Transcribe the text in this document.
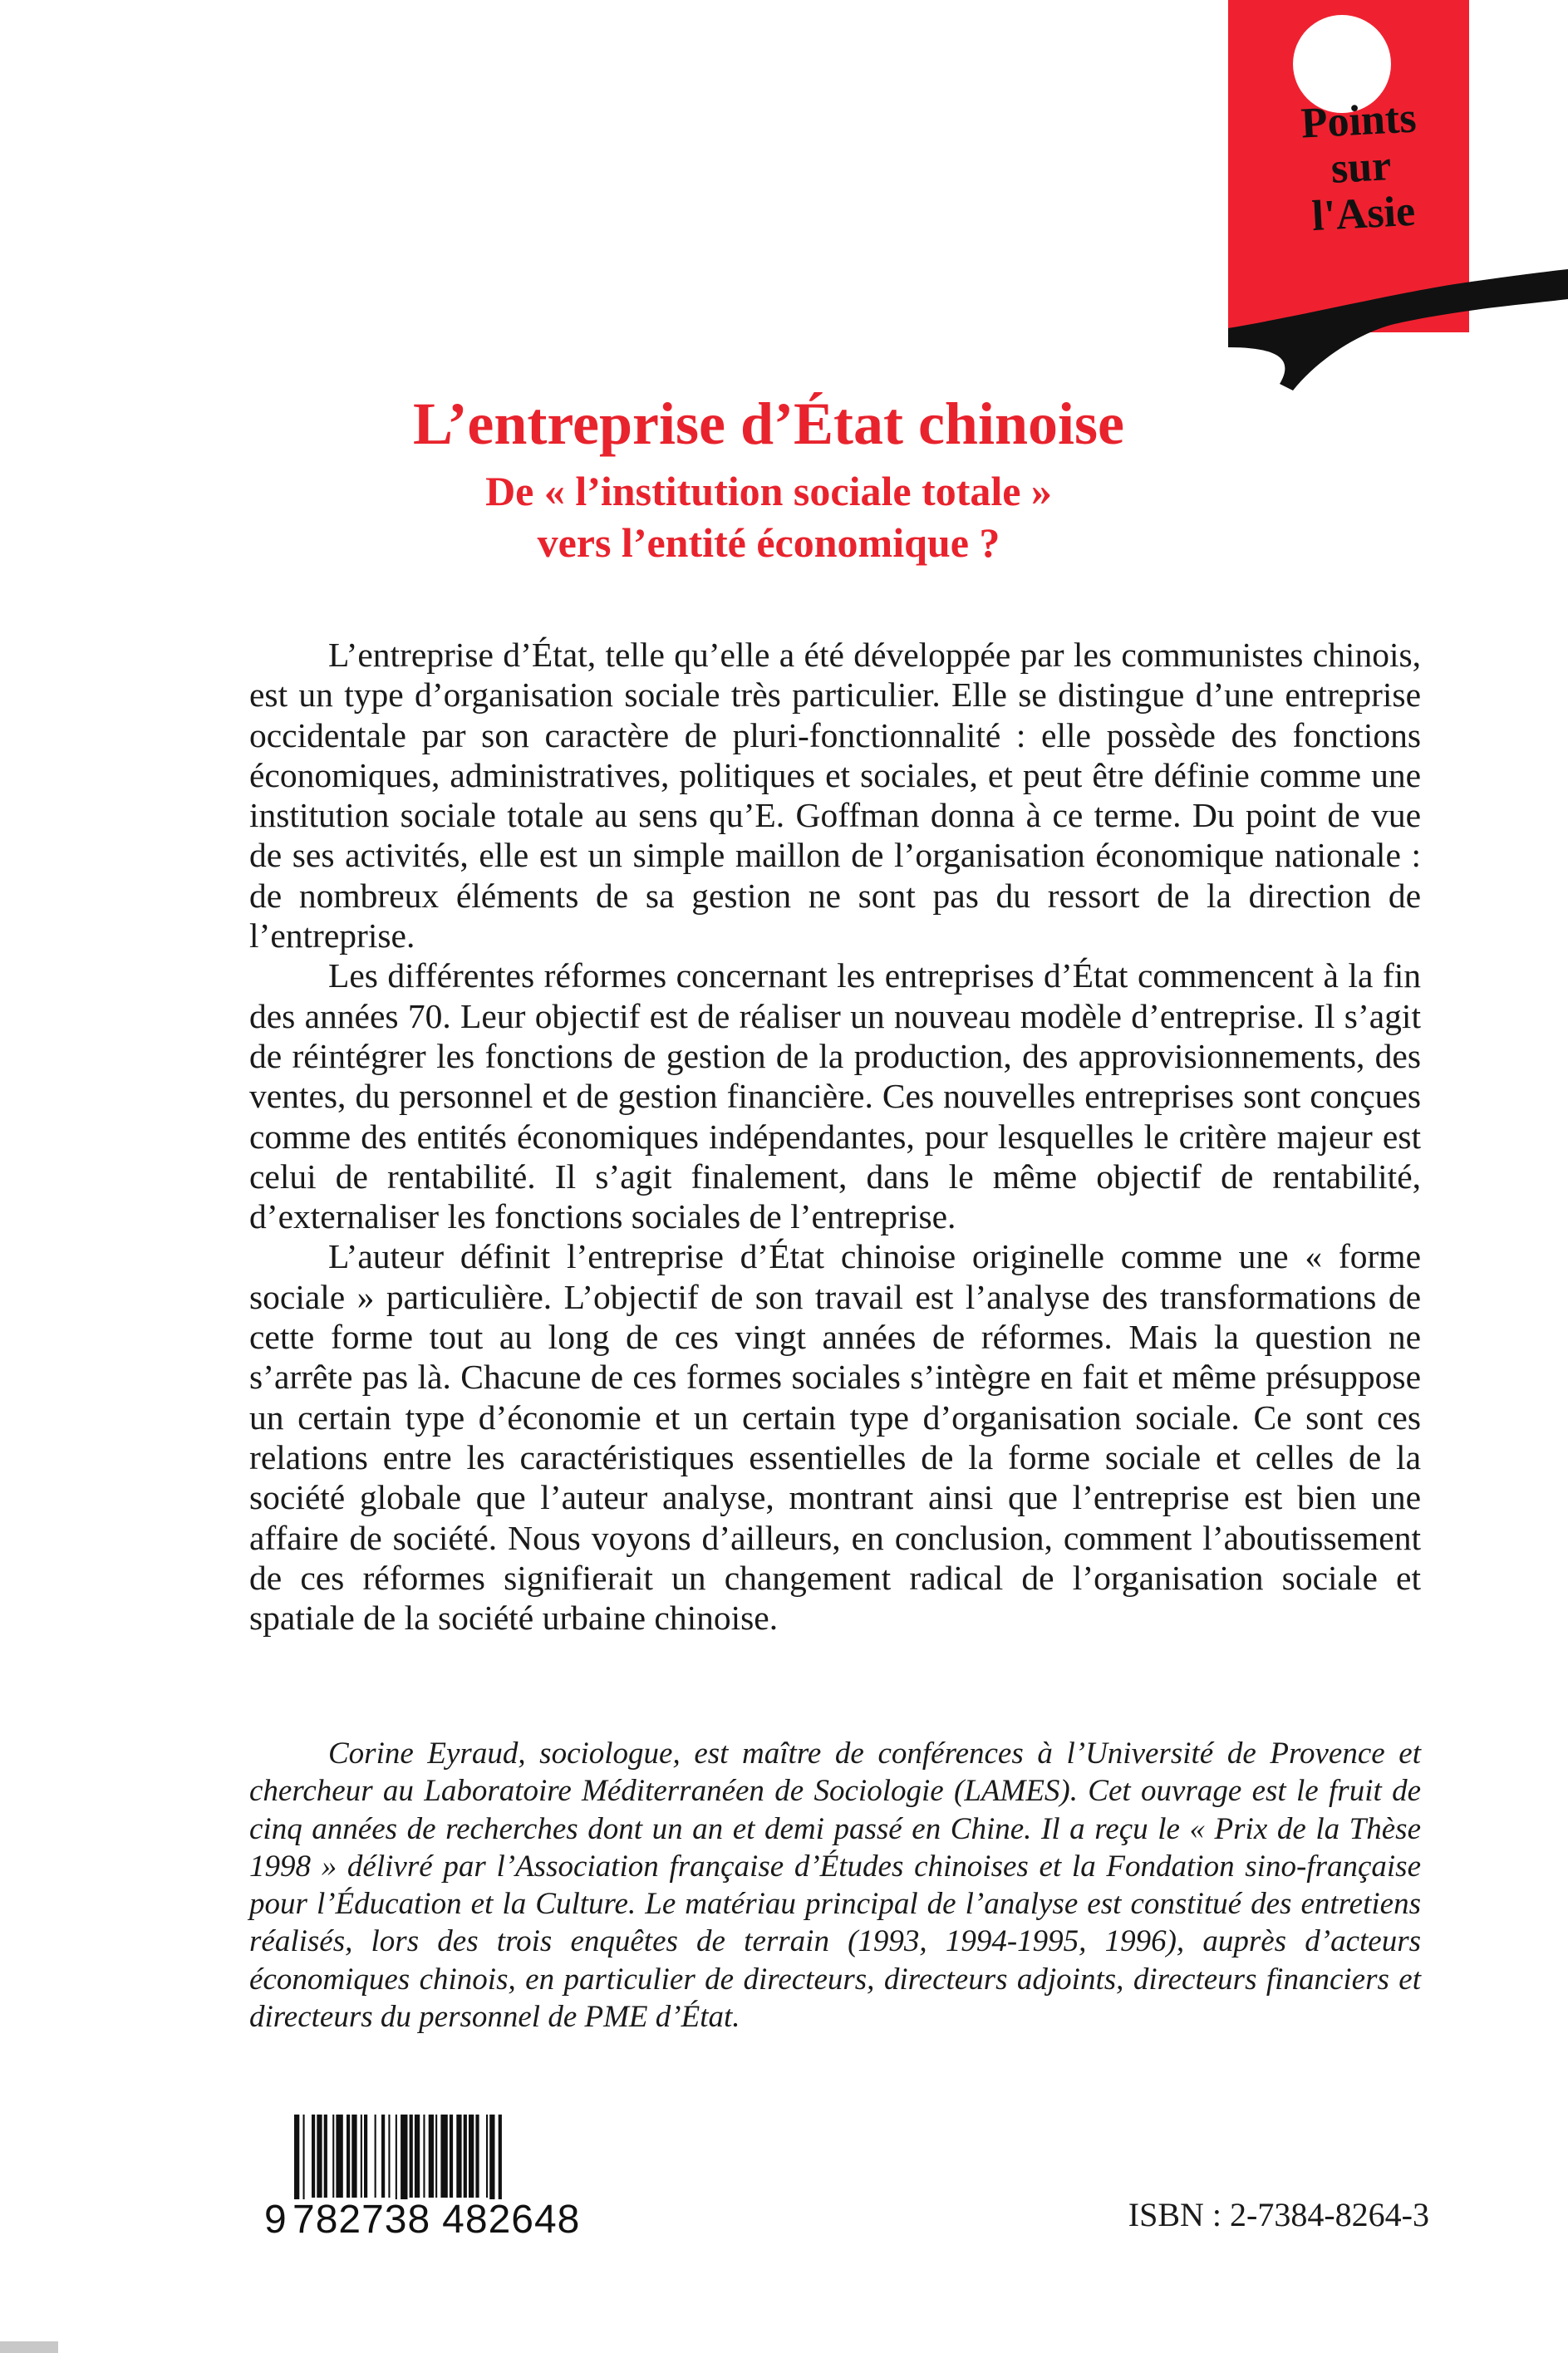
Points
sur
l'Asie
L’entreprise d’État chinoise
De « l’institution sociale totale »
vers l’entité économique ?

L’entreprise d’État, telle qu’elle a été développée par les communistes chinois, est un type d’organisation sociale très particulier. Elle se distingue d’une entreprise occidentale par son caractère de pluri-fonctionnalité : elle possède des fonctions économiques, administratives, politiques et sociales, et peut être définie comme une institution sociale totale au sens qu’E. Goffman donna à ce terme. Du point de vue de ses activités, elle est un simple maillon de l’organisation économique nationale : de nombreux éléments de sa gestion ne sont pas du ressort de la direction de l’entreprise.

Les différentes réformes concernant les entreprises d’État commencent à la fin des années 70. Leur objectif est de réaliser un nouveau modèle d’entreprise. Il s’agit de réintégrer les fonctions de gestion de la production, des approvisionnements, des ventes, du personnel et de gestion financière. Ces nouvelles entreprises sont conçues comme des entités économiques indépendantes, pour lesquelles le critère majeur est celui de rentabilité. Il s’agit finalement, dans le même objectif de rentabilité, d’externaliser les fonctions sociales de l’entreprise.

L’auteur définit l’entreprise d’État chinoise originelle comme une « forme sociale » particulière. L’objectif de son travail est l’analyse des transformations de cette forme tout au long de ces vingt années de réformes. Mais la question ne s’arrête pas là. Chacune de ces formes sociales s’intègre en fait et même présuppose un certain type d’économie et un certain type d’organisation sociale. Ce sont ces relations entre les caractéristiques essentielles de la forme sociale et celles de la société globale que l’auteur analyse, montrant ainsi que l’entreprise est bien une affaire de société. Nous voyons d’ailleurs, en conclusion, comment l’aboutissement de ces réformes signifierait un changement radical de l’organisation sociale et spatiale de la société urbaine chinoise.

Corine Eyraud, sociologue, est maître de conférences à l’Université de Provence et chercheur au Laboratoire Méditerranéen de Sociologie (LAMES). Cet ouvrage est le fruit de cinq années de recherches dont un an et demi passé en Chine. Il a reçu le « Prix de la Thèse 1998 » délivré par l’Association française d’Études chinoises et la Fondation sino-française pour l’Éducation et la Culture. Le matériau principal de l’analyse est constitué des entretiens réalisés, lors des trois enquêtes de terrain (1993, 1994-1995, 1996), auprès d’acteurs économiques chinois, en particulier de directeurs, directeurs adjoints, directeurs financiers et directeurs du personnel de PME d’État.

9 782738 482648	ISBN : 2-7384-8264-3
